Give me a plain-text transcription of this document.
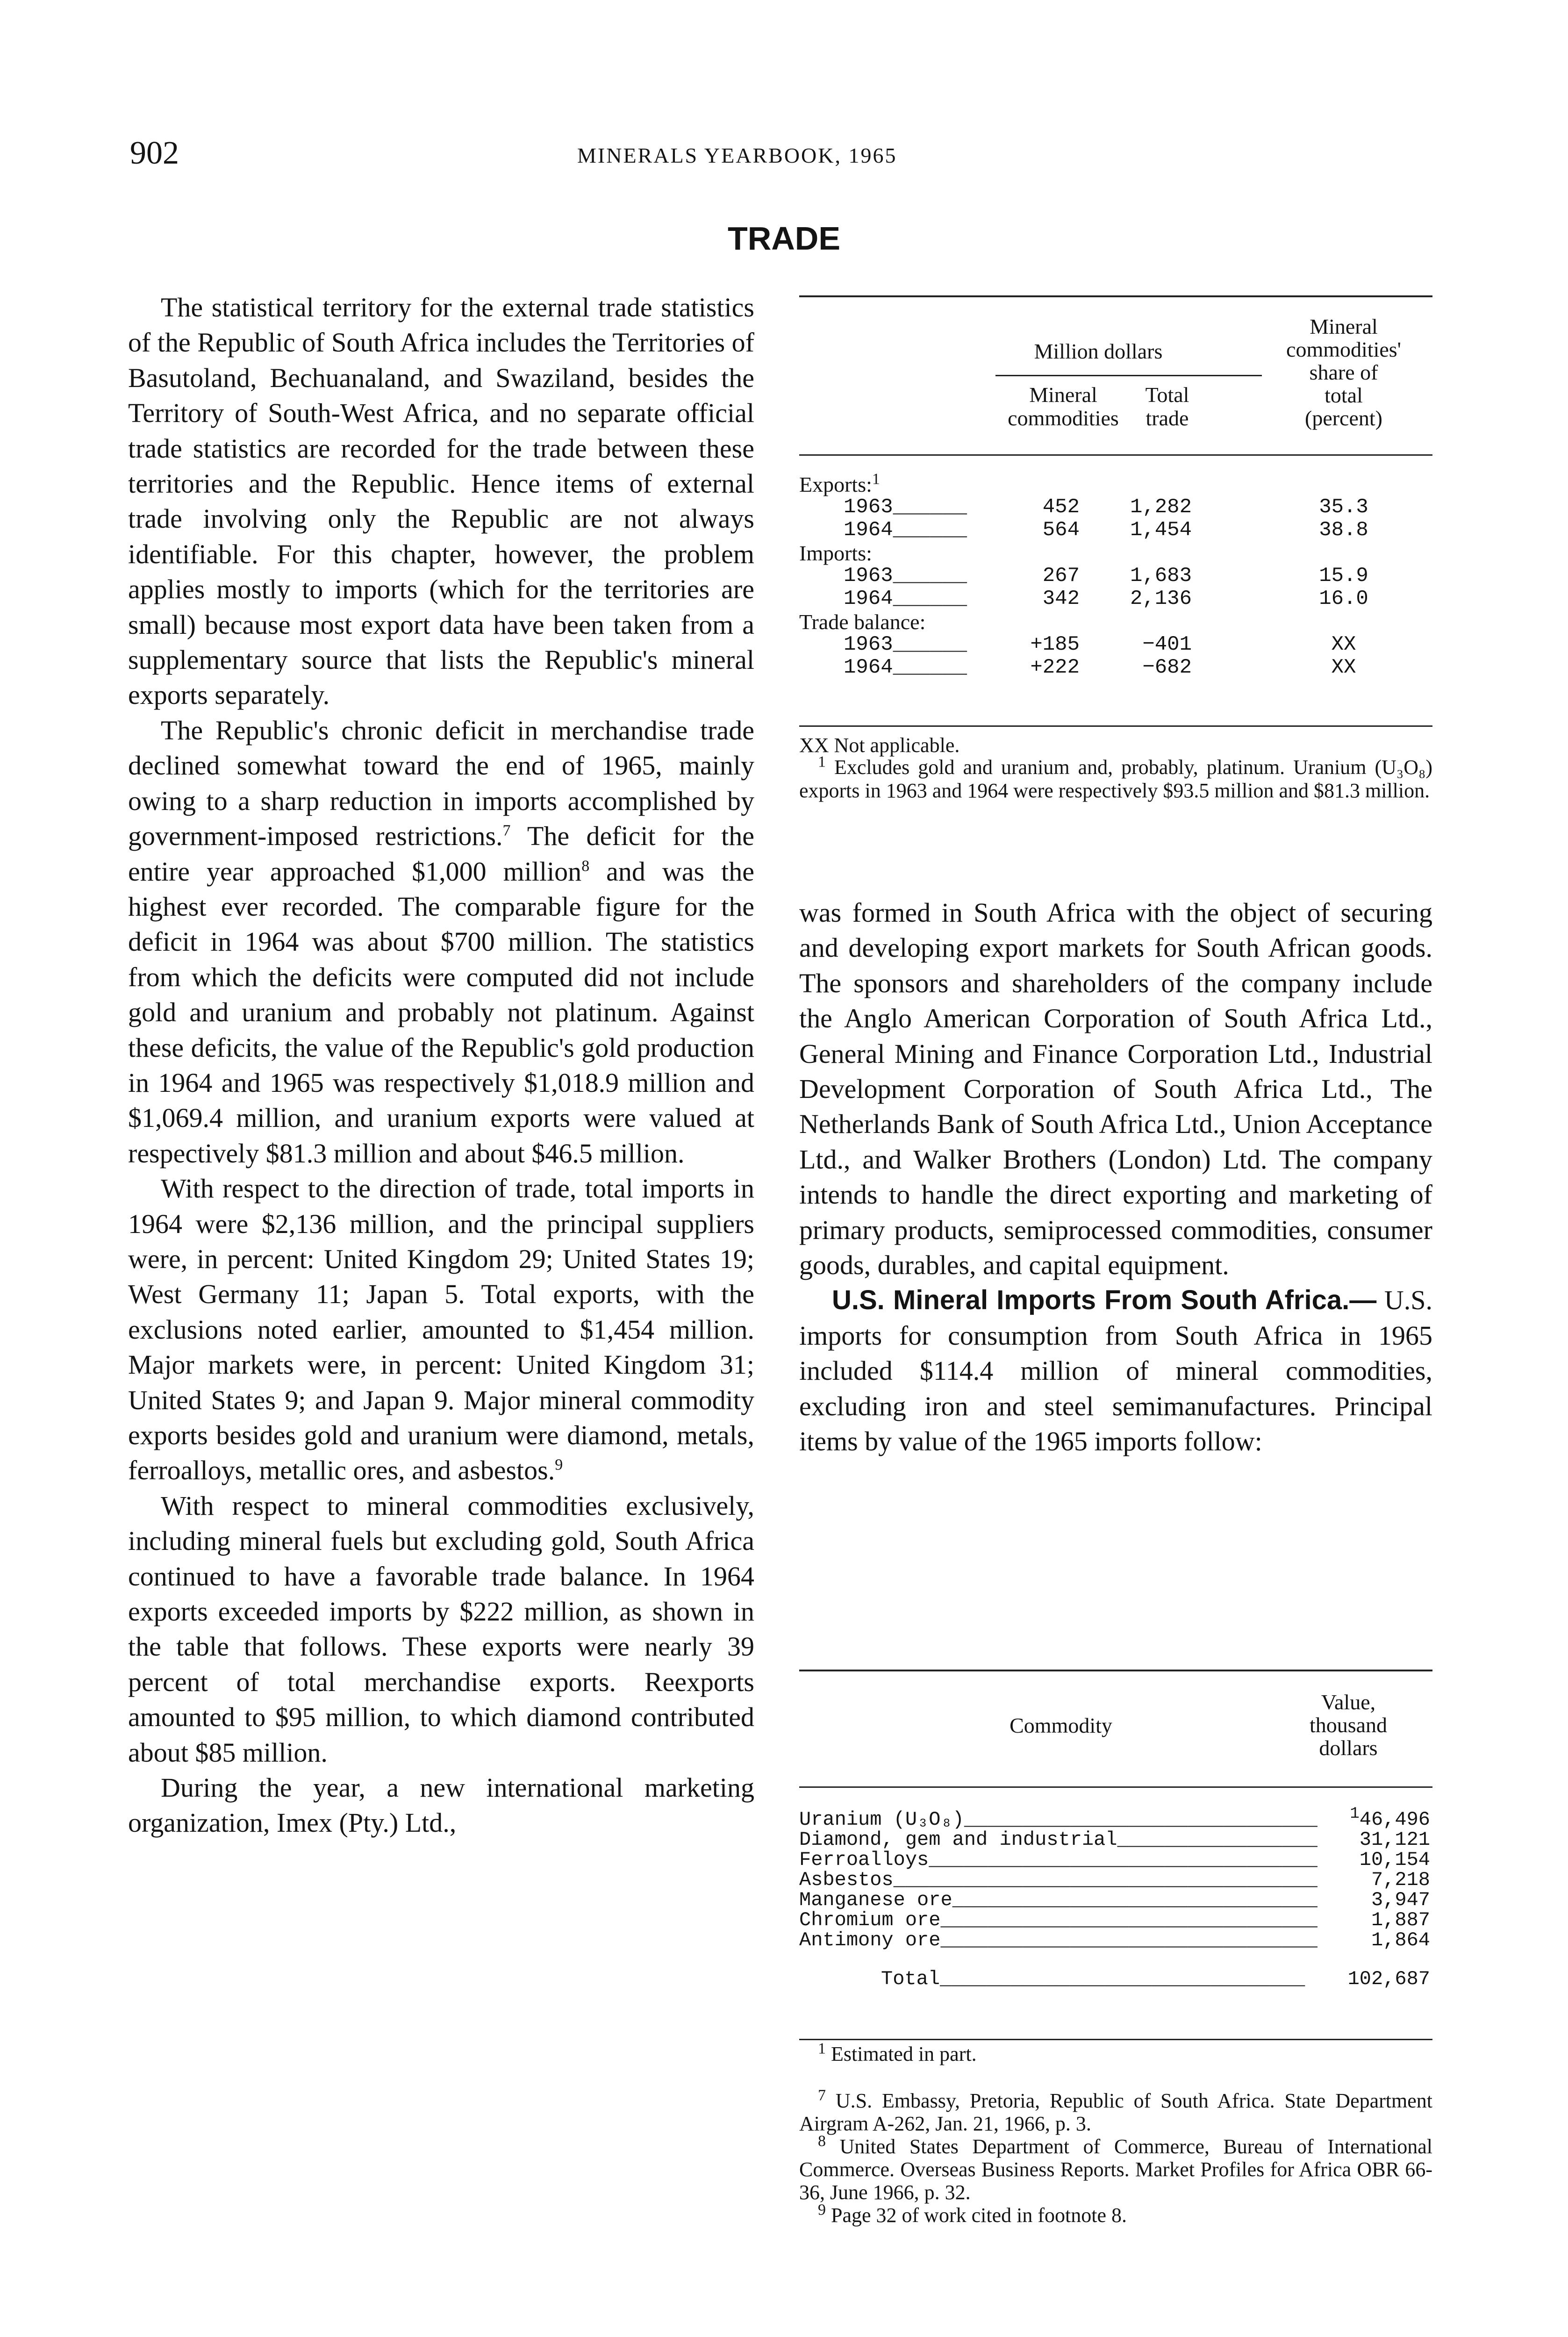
902	MINERALS YEARBOOK, 1965
TRADE

The statistical territory for the external trade statistics of the Republic of South Africa includes the Territories of Basutoland, Bechuanaland, and Swaziland, besides the Territory of South-West Africa, and no separate official trade statistics are recorded for the trade between these territories and the Republic. Hence items of external trade involving only the Republic are not always identifiable. For this chapter, however, the problem applies mostly to imports (which for the territories are small) because most export data have been taken from a supplementary source that lists the Republic's mineral exports separately.

The Republic's chronic deficit in merchandise trade declined somewhat toward the end of 1965, mainly owing to a sharp reduction in imports accomplished by government-imposed restrictions.$^7$ The deficit for the entire year approached $1,000 million$^8$ and was the highest ever recorded. The comparable figure for the deficit in 1964 was about $700 million. The statistics from which the deficits were computed did not include gold and uranium and probably not platinum. Against these deficits, the value of the Republic's gold production in 1964 and 1965 was respectively $1,018.9 million and $1,069.4 million, and uranium exports were valued at respectively $81.3 million and about $46.5 million.

With respect to the direction of trade, total imports in 1964 were $2,136 million, and the principal suppliers were, in percent: United Kingdom 29; United States 19; West Germany 11; Japan 5. Total exports, with the exclusions noted earlier, amounted to $1,454 million. Major markets were, in percent: United Kingdom 31; United States 9; and Japan 9. Major mineral commodity exports besides gold and uranium were diamond, metals, ferroalloys, metallic ores, and asbestos.$^9$

With respect to mineral commodities exclusively, including mineral fuels but excluding gold, South Africa continued to have a favorable trade balance. In 1964 exports exceeded imports by $222 million, as shown in the table that follows. These exports were nearly 39 percent of total merchandise exports. Reexports amounted to $95 million, to which diamond contributed about $85 million.

During the year, a new international marketing organization, Imex (Pty.) Ltd.,

Million dollars
Mineral
commodities'
share of
total
(percent)
Mineral
commodities
Total
trade
Exports:$^1$
1963______	452	1,282	35.3
1964______	564	1,454	38.8
Imports:
1963______	267	1,683	15.9
1964______	342	2,136	16.0
Trade balance:
1963______	+185	−401	XX
1964______	+222	−682	XX
XX Not applicable.
$^1$ Excludes gold and uranium and, probably, platinum. Uranium (U₃O₈) exports in 1963 and 1964 were respectively $93.5 million and $81.3 million.

was formed in South Africa with the object of securing and developing export markets for South African goods. The sponsors and shareholders of the company include the Anglo American Corporation of South Africa Ltd., General Mining and Finance Corporation Ltd., Industrial Development Corporation of South Africa Ltd., The Netherlands Bank of South Africa Ltd., Union Acceptance Ltd., and Walker Brothers (London) Ltd. The company intends to handle the direct exporting and marketing of primary products, semiprocessed commodities, consumer goods, durables, and capital equipment.

U.S. Mineral Imports From South Africa.— U.S. imports for consumption from South Africa in 1965 included $114.4 million of mineral commodities, excluding iron and steel semimanufactures. Principal items by value of the 1965 imports follow:

Commodity
Value,
thousand
dollars
Uranium (U₃O₈)______________________________	$^1$46,496
Diamond, gem and industrial_________________	31,121
Ferroalloys_________________________________	10,154
Asbestos____________________________________	7,218
Manganese ore_______________________________	3,947
Chromium ore________________________________	1,887
Antimony ore________________________________	1,864
Total_______________________________	102,687
$^1$ Estimated in part.
$^7$ U.S. Embassy, Pretoria, Republic of South Africa. State Department Airgram A-262, Jan. 21, 1966, p. 3.
$^8$ United States Department of Commerce, Bureau of International Commerce. Overseas Business Reports. Market Profiles for Africa OBR 66-36, June 1966, p. 32.
$^9$ Page 32 of work cited in footnote 8.
